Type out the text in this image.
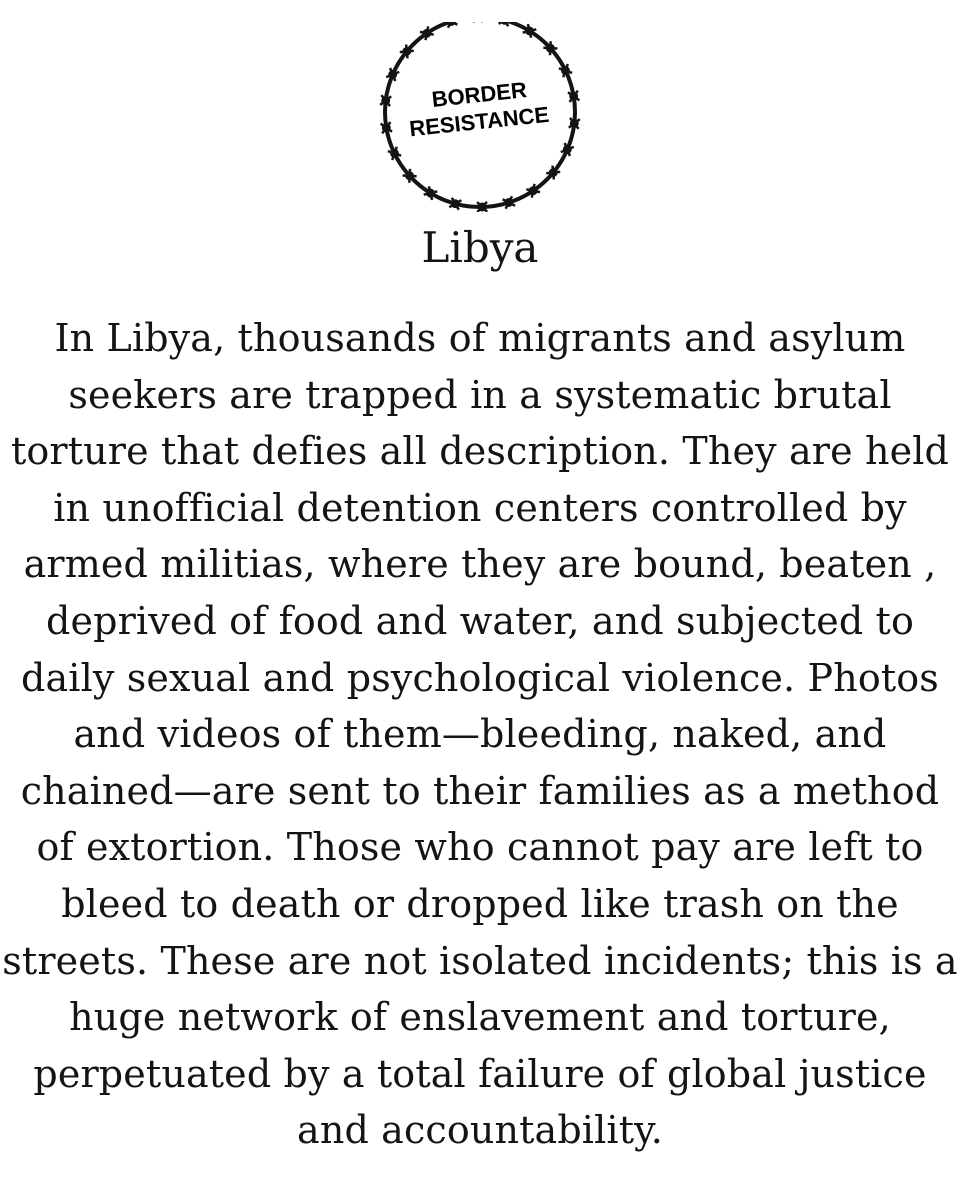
BORDER
RESISTANCE
Libya
In Libya, thousands of migrants and asylum
seekers are trapped in a systematic brutal
torture that defies all description. They are held
in unofficial detention centers controlled by
armed militias, where they are bound, beaten ,
deprived of food and water, and subjected to
daily sexual and psychological violence. Photos
and videos of them—bleeding, naked, and
chained—are sent to their families as a method
of extortion. Those who cannot pay are left to
bleed to death or dropped like trash on the
streets. These are not isolated incidents; this is a
huge network of enslavement and torture,
perpetuated by a total failure of global justice
and accountability.
